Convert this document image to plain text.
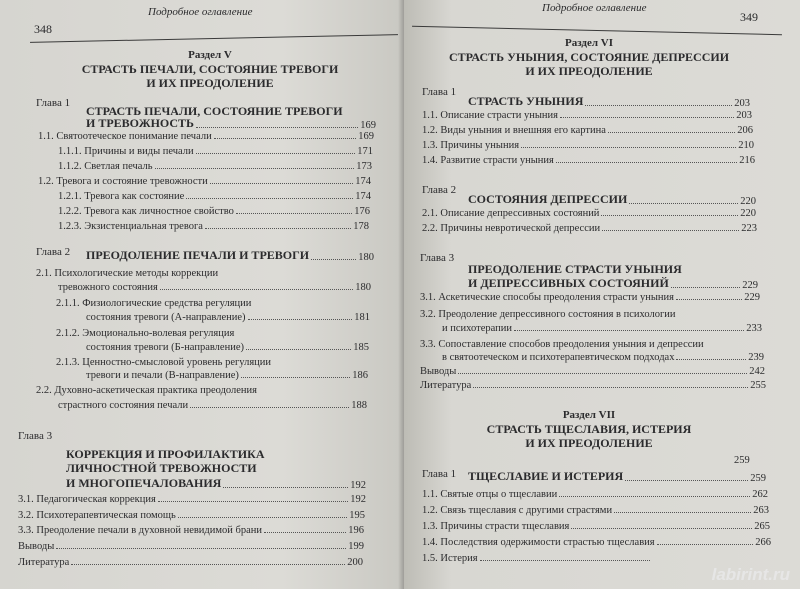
348
Подробное оглавление
Раздел V
СТРАСТЬ ПЕЧАЛИ, СОСТОЯНИЕ ТРЕВОГИ
И ИХ ПРЕОДОЛЕНИЕ
Глава 1
СТРАСТЬ ПЕЧАЛИ, СОСТОЯНИЕ ТРЕВОГИ
И ТРЕВОЖНОСТЬ	169
1.1. Святоотеческое понимание печали	169
1.1.1. Причины и виды печали	171
1.1.2. Светлая печаль	173
1.2. Тревога и состояние тревожности	174
1.2.1. Тревога как состояние	174
1.2.2. Тревога как личностное свойство	176
1.2.3. Экзистенциальная тревога	178
Глава 2 ПРЕОДОЛЕНИЕ ПЕЧАЛИ И ТРЕВОГИ	180
2.1. Психологические методы коррекции
тревожного состояния	180
2.1.1. Физиологические средства регуляции
состояния тревоги (А-направление)	181
2.1.2. Эмоционально-волевая регуляция
состояния тревоги (Б-направление)	185
2.1.3. Ценностно-смысловой уровень регуляции
тревоги и печали (В-направление)	186
2.2. Духовно-аскетическая практика преодоления
страстного состояния печали	188
Глава 3
КОРРЕКЦИЯ И ПРОФИЛАКТИКА
ЛИЧНОСТНОЙ ТРЕВОЖНОСТИ
И МНОГОПЕЧАЛОВАНИЯ	192
3.1. Педагогическая коррекция	192
3.2. Психотерапевтическая помощь	195
3.3. Преодоление печали в духовной невидимой брани	196
Выводы	199
Литература	200
Подробное оглавление
349
Раздел VI
СТРАСТЬ УНЫНИЯ, СОСТОЯНИЕ ДЕПРЕССИИ
И ИХ ПРЕОДОЛЕНИЕ
Глава 1
СТРАСТЬ УНЫНИЯ	203
1.1. Описание страсти уныния	203
1.2. Виды уныния и внешняя его картина	206
1.3. Причины уныния	210
1.4. Развитие страсти уныния	216
Глава 2
СОСТОЯНИЯ ДЕПРЕССИИ	220
2.1. Описание депрессивных состояний	220
2.2. Причины невротической депрессии	223
Глава 3
ПРЕОДОЛЕНИЕ СТРАСТИ УНЫНИЯ
И ДЕПРЕССИВНЫХ СОСТОЯНИЙ	229
3.1. Аскетические способы преодоления страсти уныния	229
3.2. Преодоление депрессивного состояния в психологии
и психотерапии	233
3.3. Сопоставление способов преодоления уныния и депрессии
в святоотеческом и психотерапевтическом подходах	239
Выводы	242
Литература	255
Раздел VII
СТРАСТЬ ТЩЕСЛАВИЯ, ИСТЕРИЯ
И ИХ ПРЕОДОЛЕНИЕ
259
Глава 1 ТЩЕСЛАВИЕ И ИСТЕРИЯ	259
1.1. Святые отцы о тщеславии	262
1.2. Связь тщеславия с другими страстями	263
1.3. Причины страсти тщеславия	265
1.4. Последствия одержимости страстью тщеславия	266
1.5. Истерия
labirint.ru
